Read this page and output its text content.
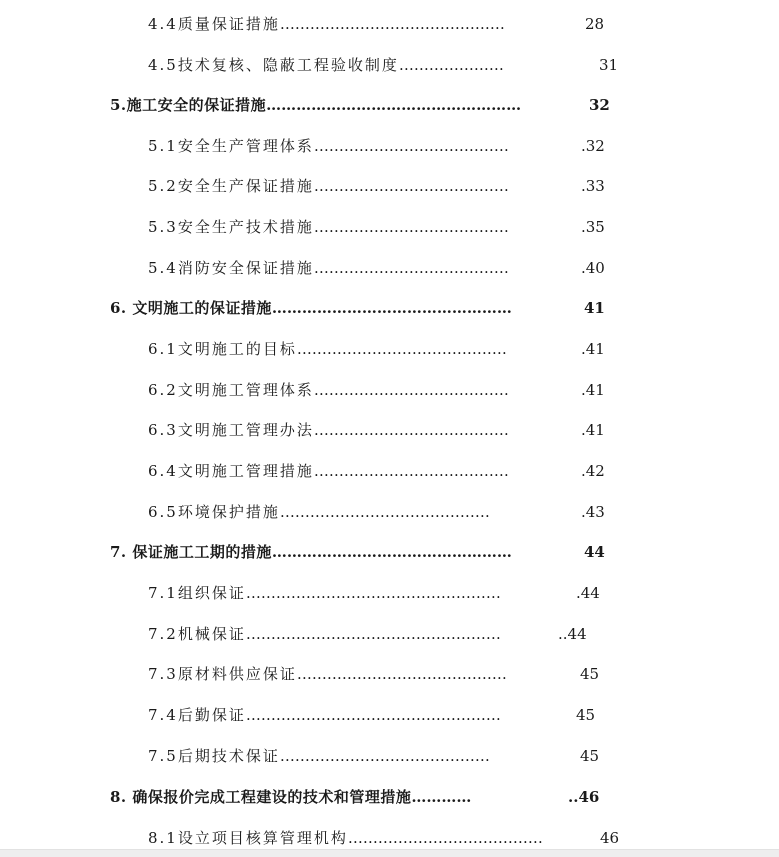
4.4质量保证措施………………………………………	28
4.5技术复核、隐蔽工程验收制度…………………	31
5.施工安全的保证措施……………………………………………	32
5.1安全生产管理体系…………………………………	.32
5.2安全生产保证措施…………………………………	.33
5.3安全生产技术措施…………………………………	.35
5.4消防安全保证措施…………………………………	.40
6. 文明施工的保证措施…………………………………………	41
6.1文明施工的目标……………………………………	.41
6.2文明施工管理体系…………………………………	.41
6.3文明施工管理办法…………………………………	.41
6.4文明施工管理措施…………………………………	.42
6.5环境保护措施……………………………………	.43
7. 保证施工工期的措施…………………………………………	44
7.1组织保证……………………………………………	.44
7.2机械保证……………………………………………	..44
7.3原材料供应保证……………………………………	45
7.4后勤保证……………………………………………	45
7.5后期技术保证……………………………………	45
8. 确保报价完成工程建设的技术和管理措施…………	..46
8.1设立项目核算管理机构…………………………………	46
